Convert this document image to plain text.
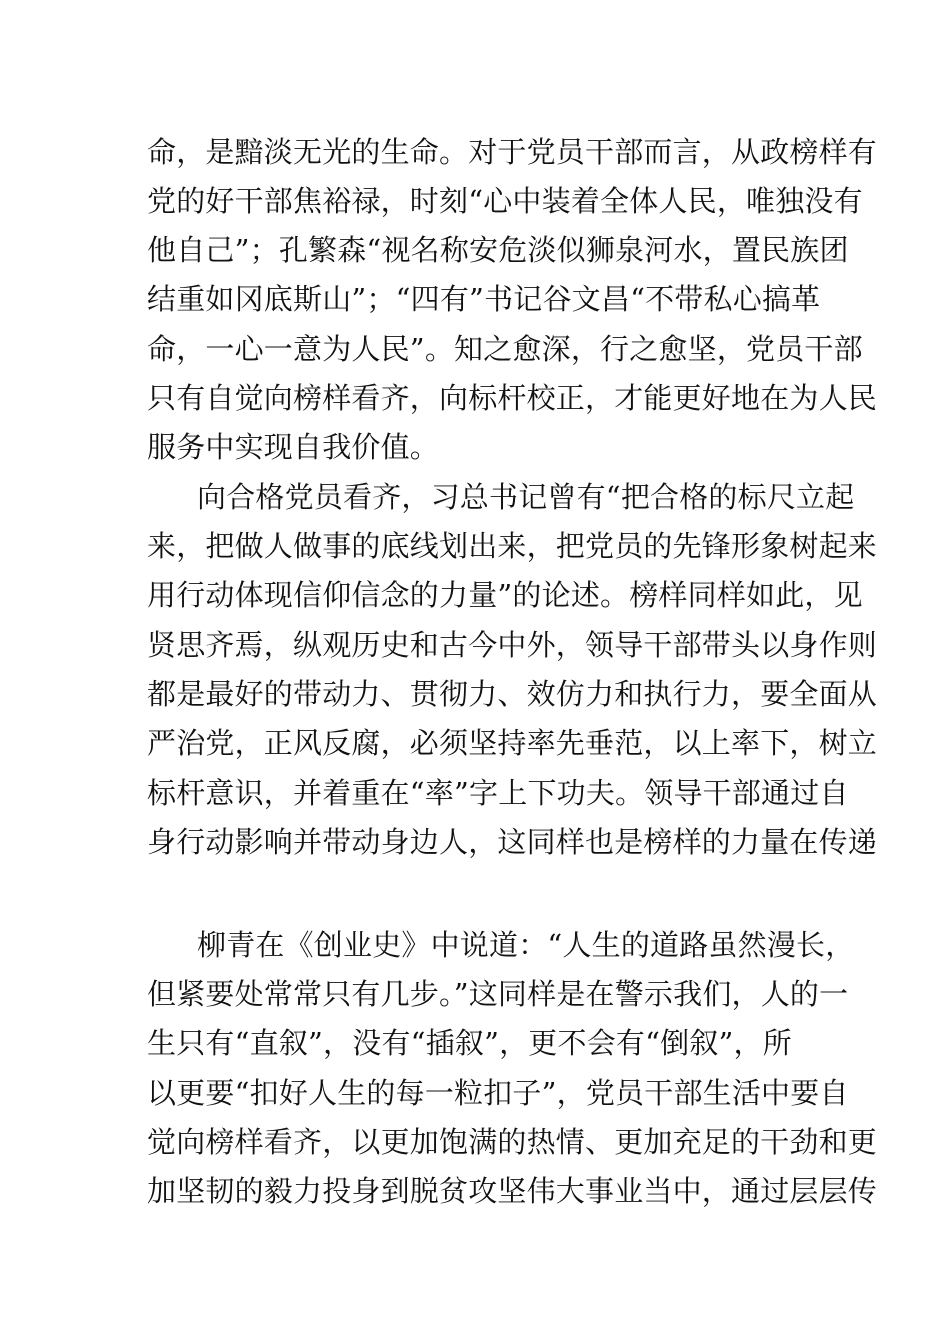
命，是黯淡无光的生命。对于党员干部而言，从政榜样有
党的好干部焦裕禄，时刻“心中装着全体人民，唯独没有
他自己”；孔繁森“视名称安危淡似狮泉河水，置民族团
结重如冈底斯山”；“四有”书记谷文昌“不带私心搞革
命，一心一意为人民”。知之愈深，行之愈坚，党员干部
只有自觉向榜样看齐，向标杆校正，才能更好地在为人民
服务中实现自我价值。
向合格党员看齐，习总书记曾有“把合格的标尺立起
来，把做人做事的底线划出来，把党员的先锋形象树起来
用行动体现信仰信念的力量”的论述。榜样同样如此，见
贤思齐焉，纵观历史和古今中外，领导干部带头以身作则
都是最好的带动力、贯彻力、效仿力和执行力，要全面从
严治党，正风反腐，必须坚持率先垂范，以上率下，树立
标杆意识，并着重在“率”字上下功夫。领导干部通过自
身行动影响并带动身边人，这同样也是榜样的力量在传递
柳青在《创业史》中说道：“人生的道路虽然漫长，
但紧要处常常只有几步。”这同样是在警示我们，人的一
生只有“直叙”，没有“插叙”，更不会有“倒叙”，所
以更要“扣好人生的每一粒扣子”，党员干部生活中要自
觉向榜样看齐，以更加饱满的热情、更加充足的干劲和更
加坚韧的毅力投身到脱贫攻坚伟大事业当中，通过层层传
